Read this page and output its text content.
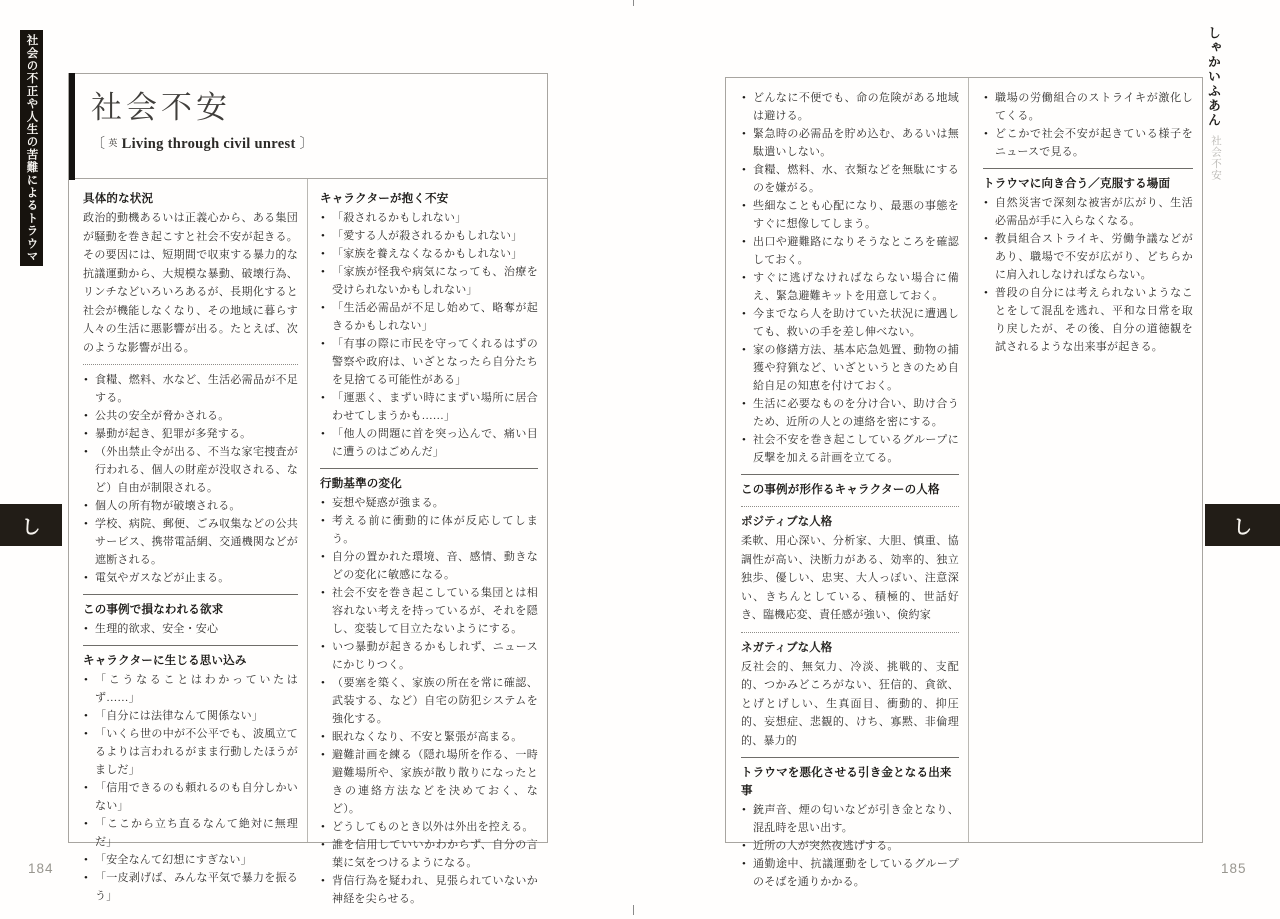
社会の不正や人生の苦難によるトラウマ
し	し
しゃかいふあん
社会不安
184	185
社会不安
〔 英 Living through civil unrest 〕
具体的な状況

政治的動機あるいは正義心から、ある集団が騒動を巻き起こすと社会不安が起きる。その要因には、短期間で収束する暴力的な抗議運動から、大規模な暴動、破壊行為、リンチなどいろいろあるが、長期化すると社会が機能しなくなり、その地域に暮らす人々の生活に悪影響が出る。たとえば、次のような影響が出る。

• 食糧、燃料、水など、生活必需品が不足する。
• 公共の安全が脅かされる。
• 暴動が起き、犯罪が多発する。
• （外出禁止令が出る、不当な家宅捜査が行われる、個人の財産が没収される、など）自由が制限される。
• 個人の所有物が破壊される。
• 学校、病院、郵便、ごみ収集などの公共サービス、携帯電話網、交通機関などが遮断される。
• 電気やガスなどが止まる。
この事例で損なわれる欲求
• 生理的欲求、安全・安心
キャラクターに生じる思い込み
• 「こうなることはわかっていたはず……」
• 「自分には法律なんて関係ない」
• 「いくら世の中が不公平でも、波風立てるよりは言われるがまま行動したほうがましだ」
• 「信用できるのも頼れるのも自分しかいない」
• 「ここから立ち直るなんて絶対に無理だ」
• 「安全なんて幻想にすぎない」
• 「一皮剥げば、みんな平気で暴力を振るう」
キャラクターが抱く不安
• 「殺されるかもしれない」
• 「愛する人が殺されるかもしれない」
• 「家族を養えなくなるかもしれない」
• 「家族が怪我や病気になっても、治療を受けられないかもしれない」
• 「生活必需品が不足し始めて、略奪が起きるかもしれない」
• 「有事の際に市民を守ってくれるはずの警察や政府は、いざとなったら自分たちを見捨てる可能性がある」
• 「運悪く、まずい時にまずい場所に居合わせてしまうかも……」
• 「他人の問題に首を突っ込んで、痛い目に遭うのはごめんだ」
行動基準の変化
• 妄想や疑惑が強まる。
• 考える前に衝動的に体が反応してしまう。
• 自分の置かれた環境、音、感情、動きなどの変化に敏感になる。
• 社会不安を巻き起こしている集団とは相容れない考えを持っているが、それを隠し、変装して目立たないようにする。
• いつ暴動が起きるかもしれず、ニュースにかじりつく。
• （要塞を築く、家族の所在を常に確認、武装する、など）自宅の防犯システムを強化する。
• 眠れなくなり、不安と緊張が高まる。
• 避難計画を練る（隠れ場所を作る、一時避難場所や、家族が散り散りになったときの連絡方法などを決めておく、など）。
• どうしてものとき以外は外出を控える。
• 誰を信用していいかわからず、自分の言葉に気をつけるようになる。
• 背信行為を疑われ、見張られていないか神経を尖らせる。
• どんなに不便でも、命の危険がある地域は避ける。
• 緊急時の必需品を貯め込む、あるいは無駄遣いしない。
• 食糧、燃料、水、衣類などを無駄にするのを嫌がる。
• 些細なことも心配になり、最悪の事態をすぐに想像してしまう。
• 出口や避難路になりそうなところを確認しておく。
• すぐに逃げなければならない場合に備え、緊急避難キットを用意しておく。
• 今までなら人を助けていた状況に遭遇しても、救いの手を差し伸べない。
• 家の修繕方法、基本応急処置、動物の捕獲や狩猟など、いざというときのため自給自足の知恵を付けておく。
• 生活に必要なものを分け合い、助け合うため、近所の人との連絡を密にする。
• 社会不安を巻き起こしているグループに反撃を加える計画を立てる。
この事例が形作るキャラクターの人格
ポジティブな人格

柔軟、用心深い、分析家、大胆、慎重、協調性が高い、決断力がある、効率的、独立独歩、優しい、忠実、大人っぽい、注意深い、きちんとしている、積極的、世話好き、臨機応変、責任感が強い、倹約家

ネガティブな人格

反社会的、無気力、冷淡、挑戦的、支配的、つかみどころがない、狂信的、貪欲、とげとげしい、生真面目、衝動的、抑圧的、妄想症、悲観的、けち、寡黙、非倫理的、暴力的

トラウマを悪化させる引き金となる出来事
• 銃声音、煙の匂いなどが引き金となり、混乱時を思い出す。
• 近所の人が突然夜逃げする。
• 通勤途中、抗議運動をしているグループのそばを通りかかる。
• 職場の労働組合のストライキが激化してくる。
• どこかで社会不安が起きている様子をニュースで見る。
トラウマに向き合う／克服する場面
• 自然災害で深刻な被害が広がり、生活必需品が手に入らなくなる。
• 教員組合ストライキ、労働争議などがあり、職場で不安が広がり、どちらかに肩入れしなければならない。
• 普段の自分には考えられないようなことをして混乱を逃れ、平和な日常を取り戻したが、その後、自分の道徳観を試されるような出来事が起きる。
